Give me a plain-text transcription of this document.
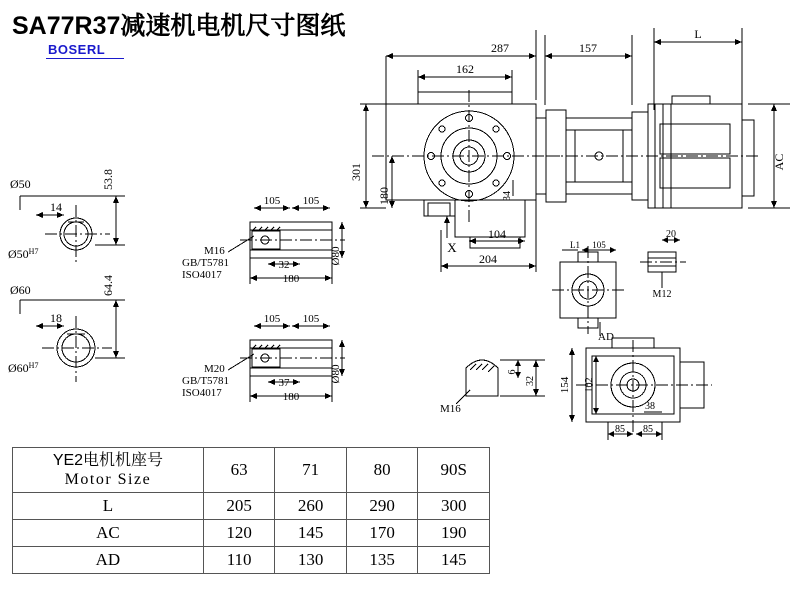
SA77R37减速机电机尺寸图纸
BOSERL	287	157
L
162
301
180	34
AC
104
204
X
Ø50
14
53.8
$Ø50^{H7}$
Ø60
18
64.4
$Ø60^{H7}$
105 105
M16
GB/T5781
ISO4017
32
180
Ø80
105 105
M20
GB/T5781
ISO4017
37
180
Ø80
M16
6
32
L1 105
AD
20
M12
154 102
38
85 85
YE2电机机座号
Motor Size	63	71	80	90S
L	205	260	290	300
AC	120	145	170	190
AD	110	130	135	145
